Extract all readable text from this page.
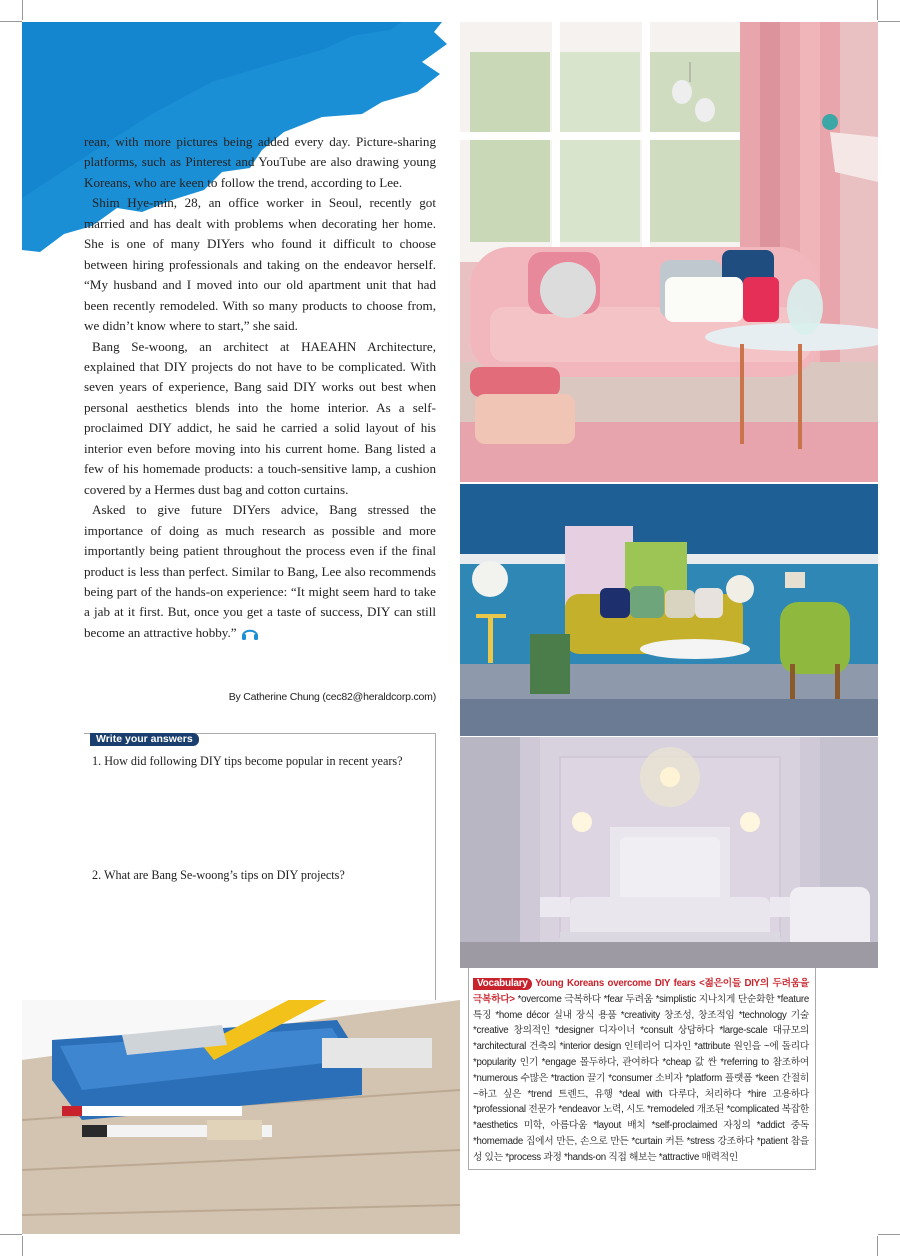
rean, with more pictures being added every day. Picture-sharing platforms, such as Pinterest and YouTube are also drawing young Koreans, who are keen to follow the trend, according to Lee.

Shim Hye-min, 28, an office worker in Seoul, recently got married and has dealt with problems when decorating her home. She is one of many DIYers who found it difficult to choose between hiring professionals and taking on the endeavor herself. “My husband and I moved into our old apartment unit that had been recently remodeled. With so many products to choose from, we didn’t know where to start,” she said.

Bang Se-woong, an architect at HAEAHN Architecture, explained that DIY projects do not have to be complicated. With seven years of experience, Bang said DIY works out best when personal aesthetics blends into the home interior. As a self-proclaimed DIY addict, he said he carried a solid layout of his interior even before moving into his current home. Bang listed a few of his homemade products: a touch-sensitive lamp, a cushion covered by a Hermes dust bag and cotton curtains.

Asked to give future DIYers advice, Bang stressed the importance of doing as much research as possible and more importantly being patient throughout the process even if the final product is less than perfect. Similar to Bang, Lee also recommends being part of the hands-on experience: “It might seem hard to take a jab at it first. But, once you get a taste of success, DIY can still become an attractive hobby.”

By Catherine Chung (cec82@heraldcorp.com)
Write your answers
1. How did following DIY tips become popular in recent years?
2. What are Bang Se-woong’s tips on DIY projects?
Vocabulary Young Koreans overcome DIY fears <젊은이들 DIY의 두려움을 극복하다> *overcome 극복하다 *fear 두려움 *simplistic 지나치게 단순화한 *feature 특징 *home décor 실내 장식 용품 *creativity 창조성, 창조적임 *technology 기술 *creative 창의적인 *designer 디자이너 *consult 상담하다 *large-scale 대규모의 *architectural 건축의 *interior design 인테리어 디자인 *attribute 원인을 ~에 돌리다 *popularity 인기 *engage 몰두하다, 관여하다 *cheap 값 싼 *referring to 참조하여 *numerous 수많은 *traction 끌기 *consumer 소비자 *platform 플랫폼 *keen 간절히 ~하고 싶은 *trend 트렌드, 유행 *deal with 다루다, 처리하다 *hire 고용하다 *professional 전문가 *endeavor 노력, 시도 *remodeled 개조된 *complicated 복잡한 *aesthetics 미학, 아름다움 *layout 배치 *self-proclaimed 자칭의 *addict 중독 *homemade 집에서 만든, 손으로 만든 *curtain 커튼 *stress 강조하다 *patient 참을성 있는 *process 과정 *hands-on 직접 해보는 *attractive 매력적인
